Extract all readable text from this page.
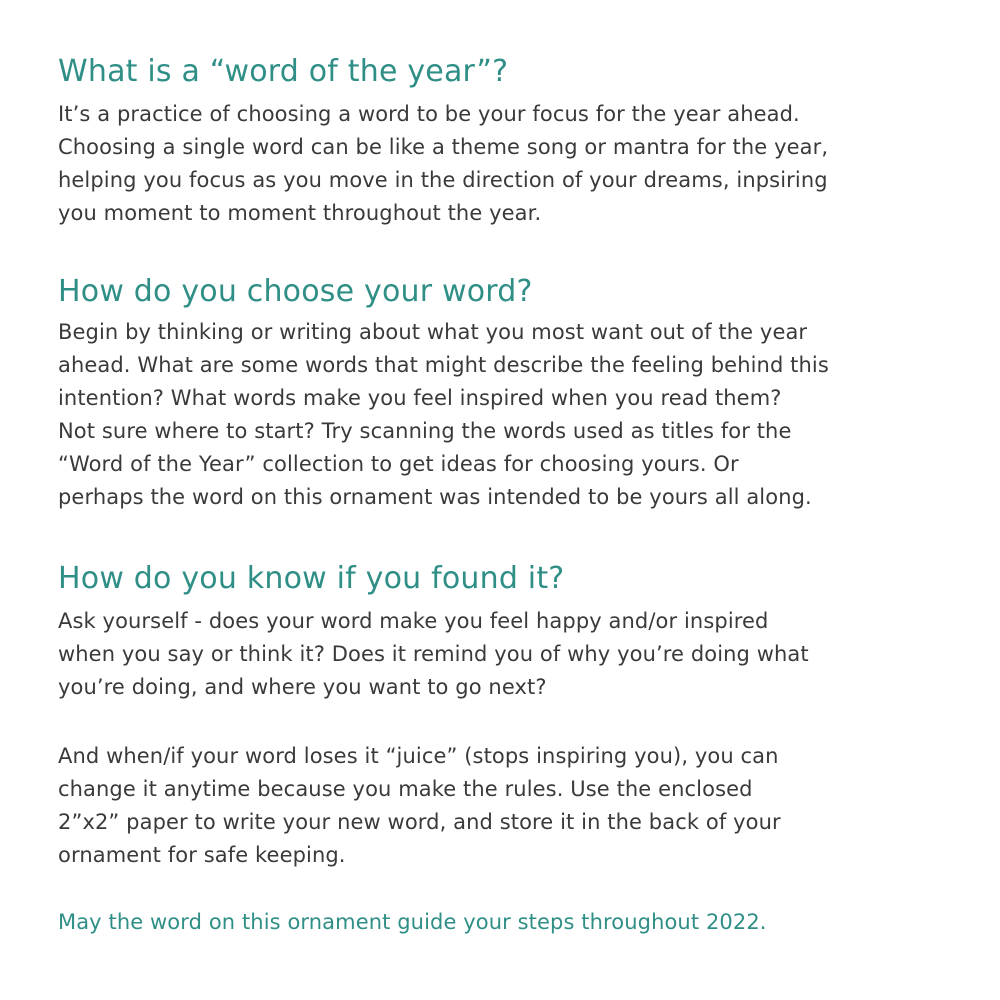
What is a “word of the year”?
It’s a practice of choosing a word to be your focus for the year ahead.
Choosing a single word can be like a theme song or mantra for the year,
helping you focus as you move in the direction of your dreams, inpsiring
you moment to moment throughout the year.
How do you choose your word?
Begin by thinking or writing about what you most want out of the year
ahead. What are some words that might describe the feeling behind this
intention? What words make you feel inspired when you read them?
Not sure where to start? Try scanning the words used as titles for the
“Word of the Year” collection to get ideas for choosing yours. Or
perhaps the word on this ornament was intended to be yours all along.
How do you know if you found it?
Ask yourself - does your word make you feel happy and/or inspired
when you say or think it? Does it remind you of why you’re doing what
you’re doing, and where you want to go next?
And when/if your word loses it “juice” (stops inspiring you), you can
change it anytime because you make the rules. Use the enclosed
2”x2” paper to write your new word, and store it in the back of your
ornament for safe keeping.
May the word on this ornament guide your steps throughout 2022.
